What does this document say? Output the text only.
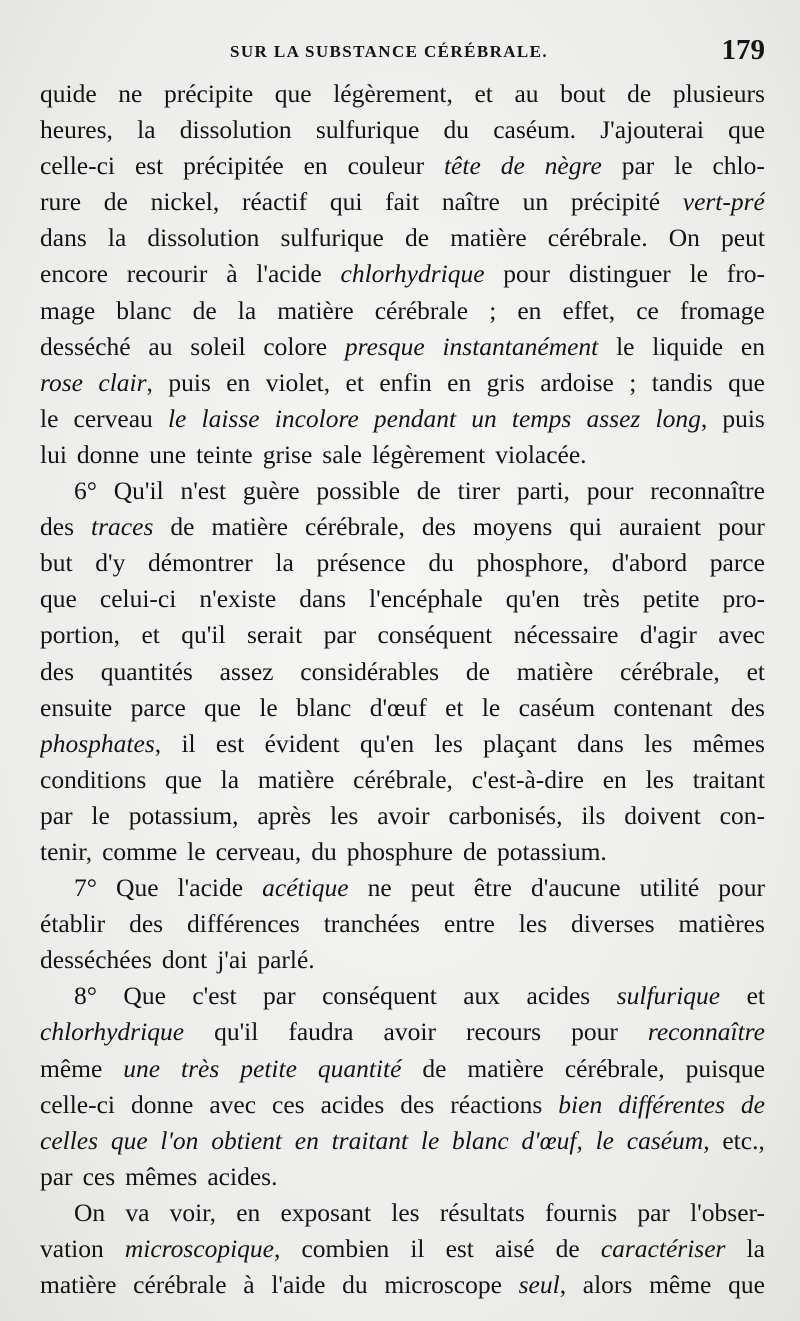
SUR LA SUBSTANCE CÉRÉBRALE.	179
quide ne précipite que légèrement, et au bout de plusieurs
heures, la dissolution sulfurique du caséum. J'ajouterai que
celle-ci est précipitée en couleur tête de nègre par le chlo-
rure de nickel, réactif qui fait naître un précipité vert-pré
dans la dissolution sulfurique de matière cérébrale. On peut
encore recourir à l'acide chlorhydrique pour distinguer le fro-
mage blanc de la matière cérébrale ; en effet, ce fromage
desséché au soleil colore presque instantanément le liquide en
rose clair, puis en violet, et enfin en gris ardoise ; tandis que
le cerveau le laisse incolore pendant un temps assez long, puis
lui donne une teinte grise sale légèrement violacée.
6° Qu'il n'est guère possible de tirer parti, pour reconnaître
des traces de matière cérébrale, des moyens qui auraient pour
but d'y démontrer la présence du phosphore, d'abord parce
que celui-ci n'existe dans l'encéphale qu'en très petite pro-
portion, et qu'il serait par conséquent nécessaire d'agir avec
des quantités assez considérables de matière cérébrale, et
ensuite parce que le blanc d'œuf et le caséum contenant des
phosphates, il est évident qu'en les plaçant dans les mêmes
conditions que la matière cérébrale, c'est-à-dire en les traitant
par le potassium, après les avoir carbonisés, ils doivent con-
tenir, comme le cerveau, du phosphure de potassium.
7° Que l'acide acétique ne peut être d'aucune utilité pour
établir des différences tranchées entre les diverses matières
desséchées dont j'ai parlé.
8° Que c'est par conséquent aux acides sulfurique et
chlorhydrique qu'il faudra avoir recours pour reconnaître
même une très petite quantité de matière cérébrale, puisque
celle-ci donne avec ces acides des réactions bien différentes de
celles que l'on obtient en traitant le blanc d'œuf, le caséum, etc.,
par ces mêmes acides.
On va voir, en exposant les résultats fournis par l'obser-
vation microscopique, combien il est aisé de caractériser la
matière cérébrale à l'aide du microscope seul, alors même que
